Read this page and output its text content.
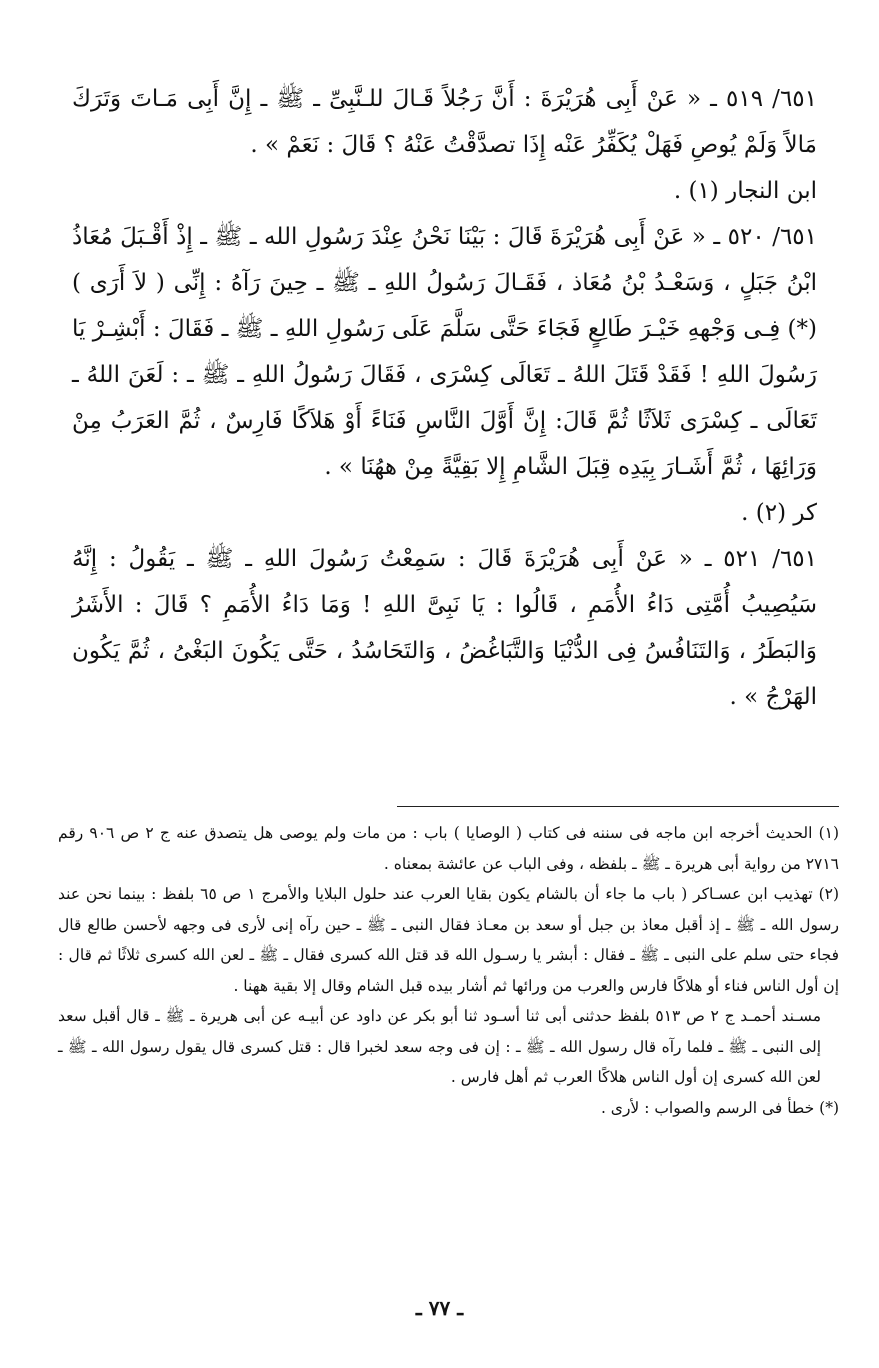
٦٥١/ ٥١٩ ـ « عَنْ أَبِى هُرَيْرَةَ : أَنَّ رَجُلاً قَـالَ للـنَّبِىِّ ـ ﷺ ـ إِنَّ أَبِى مَـاتَ وَتَرَكَ مَالاً وَلَمْ يُوصِ فَهَلْ يُكَفِّرُ عَنْه إِذَا تصدَّقْتُ عَنْهُ ؟ قَالَ : نَعَمْ » .

ابن النجار (١) .

٦٥١/ ٥٢٠ ـ « عَنْ أَبِى هُرَيْرَةَ قَالَ : بَيْنَا نَحْنُ عِنْدَ رَسُولِ الله ـ ﷺ ـ إِذْ أَقْـبَلَ مُعَاذُ ابْنُ جَبَلٍ ، وَسَعْـدُ بْنُ مُعَاذ ، فَقَـالَ رَسُولُ اللهِ ـ ﷺ ـ حِينَ رَآهُ : إِنِّى ( لاَ أَرَى ) (*) فِـى وَجْههِ خَيْـرَ طَالِعٍ فَجَاءَ حَتَّى سَلَّمَ عَلَى رَسُولِ اللهِ ـ ﷺ ـ فَقَالَ : أَبْشِـرْ يَا رَسُولَ اللهِ ! فَقَدْ قَتَلَ اللهُ ـ تَعَالَى كِسْرَى ، فَقَالَ رَسُولُ اللهِ ـ ﷺ ـ : لَعَنَ اللهُ ـ تَعَالَى ـ كِسْرَى ثَلاَثًا ثُمَّ قَالَ: إِنَّ أَوَّلَ النَّاسِ فَنَاءً أَوْ هَلاَكًا فَارِسٌ ، ثُمَّ العَرَبُ مِنْ وَرَائِهَا ، ثُمَّ أَشَـارَ بِيَدِه قِبَلَ الشَّامِ إِلا بَقِيَّةً مِنْ ههُنَا » .

كر (٢) .

٦٥١/ ٥٢١ ـ « عَنْ أَبِى هُرَيْرَةَ قَالَ : سَمِعْتُ رَسُولَ اللهِ ـ ﷺ ـ يَقُولُ : إِنَّهُ سَيُصِيبُ أُمَّتِى دَاءُ الأُمَمِ ، قَالُوا : يَا نَبِىَّ اللهِ ! وَمَا دَاءُ الأُمَمِ ؟ قَالَ : الأَشَرُ وَالبَطَرُ ، وَالتَنَافُسُ فِى الدُّنْيَا وَالتَّبَاغُضُ ، وَالتَحَاسُدُ ، حَتَّى يَكُونَ البَغْىُ ، ثُمَّ يَكُون الهَرْجُ » .

(١) الحديث أخرجه ابن ماجه فى سننه فى كتاب ( الوصايا ) باب : من مات ولم يوصى هل يتصدق عنه ج ٢ ص ٩٠٦ رقم ٢٧١٦ من رواية أبى هريرة ـ ﷺ ـ بلفظه ، وفى الباب عن عائشة بمعناه .

(٢) تهذيب ابن عسـاكر ( باب ما جاء أن بالشام يكون بقايا العرب عند حلول البلايا والأمرج ١ ص ٦٥ بلفظ : بينما نحن عند رسول الله ـ ﷺ ـ إذ أقبل معاذ بن جبل أو سعد بن معـاذ فقال النبى ـ ﷺ ـ حين رآه إنى لأرى فى وجهه لأحسن طالع قال فجاء حتى سلم على النبى ـ ﷺ ـ فقال : أبشر يا رسـول الله قد قتل الله كسرى فقال ـ ﷺ ـ لعن الله كسرى ثلاثًا ثم قال : إن أول الناس فناء أو هلاكًا فارس والعرب من ورائها ثم أشار بيده قبل الشام وقال إلا بقية ههنا .

مسـند أحمـد ج ٢ ص ٥١٣ بلفظ حدثنى أبى ثنا أسـود ثنا أبو بكر عن داود عن أبيـه عن أبى هريرة ـ ﷺ ـ قال أقبل سعد إلى النبى ـ ﷺ ـ فلما رآه قال رسول الله ـ ﷺ ـ : إن فى وجه سعد لخبرا قال : قتل كسرى قال يقول رسول الله ـ ﷺ ـ لعن الله كسرى إن أول الناس هلاكًا العرب ثم أهل فارس .

(*) خطأ فى الرسم والصواب : لأرى .

ـ ٧٧ ـ
